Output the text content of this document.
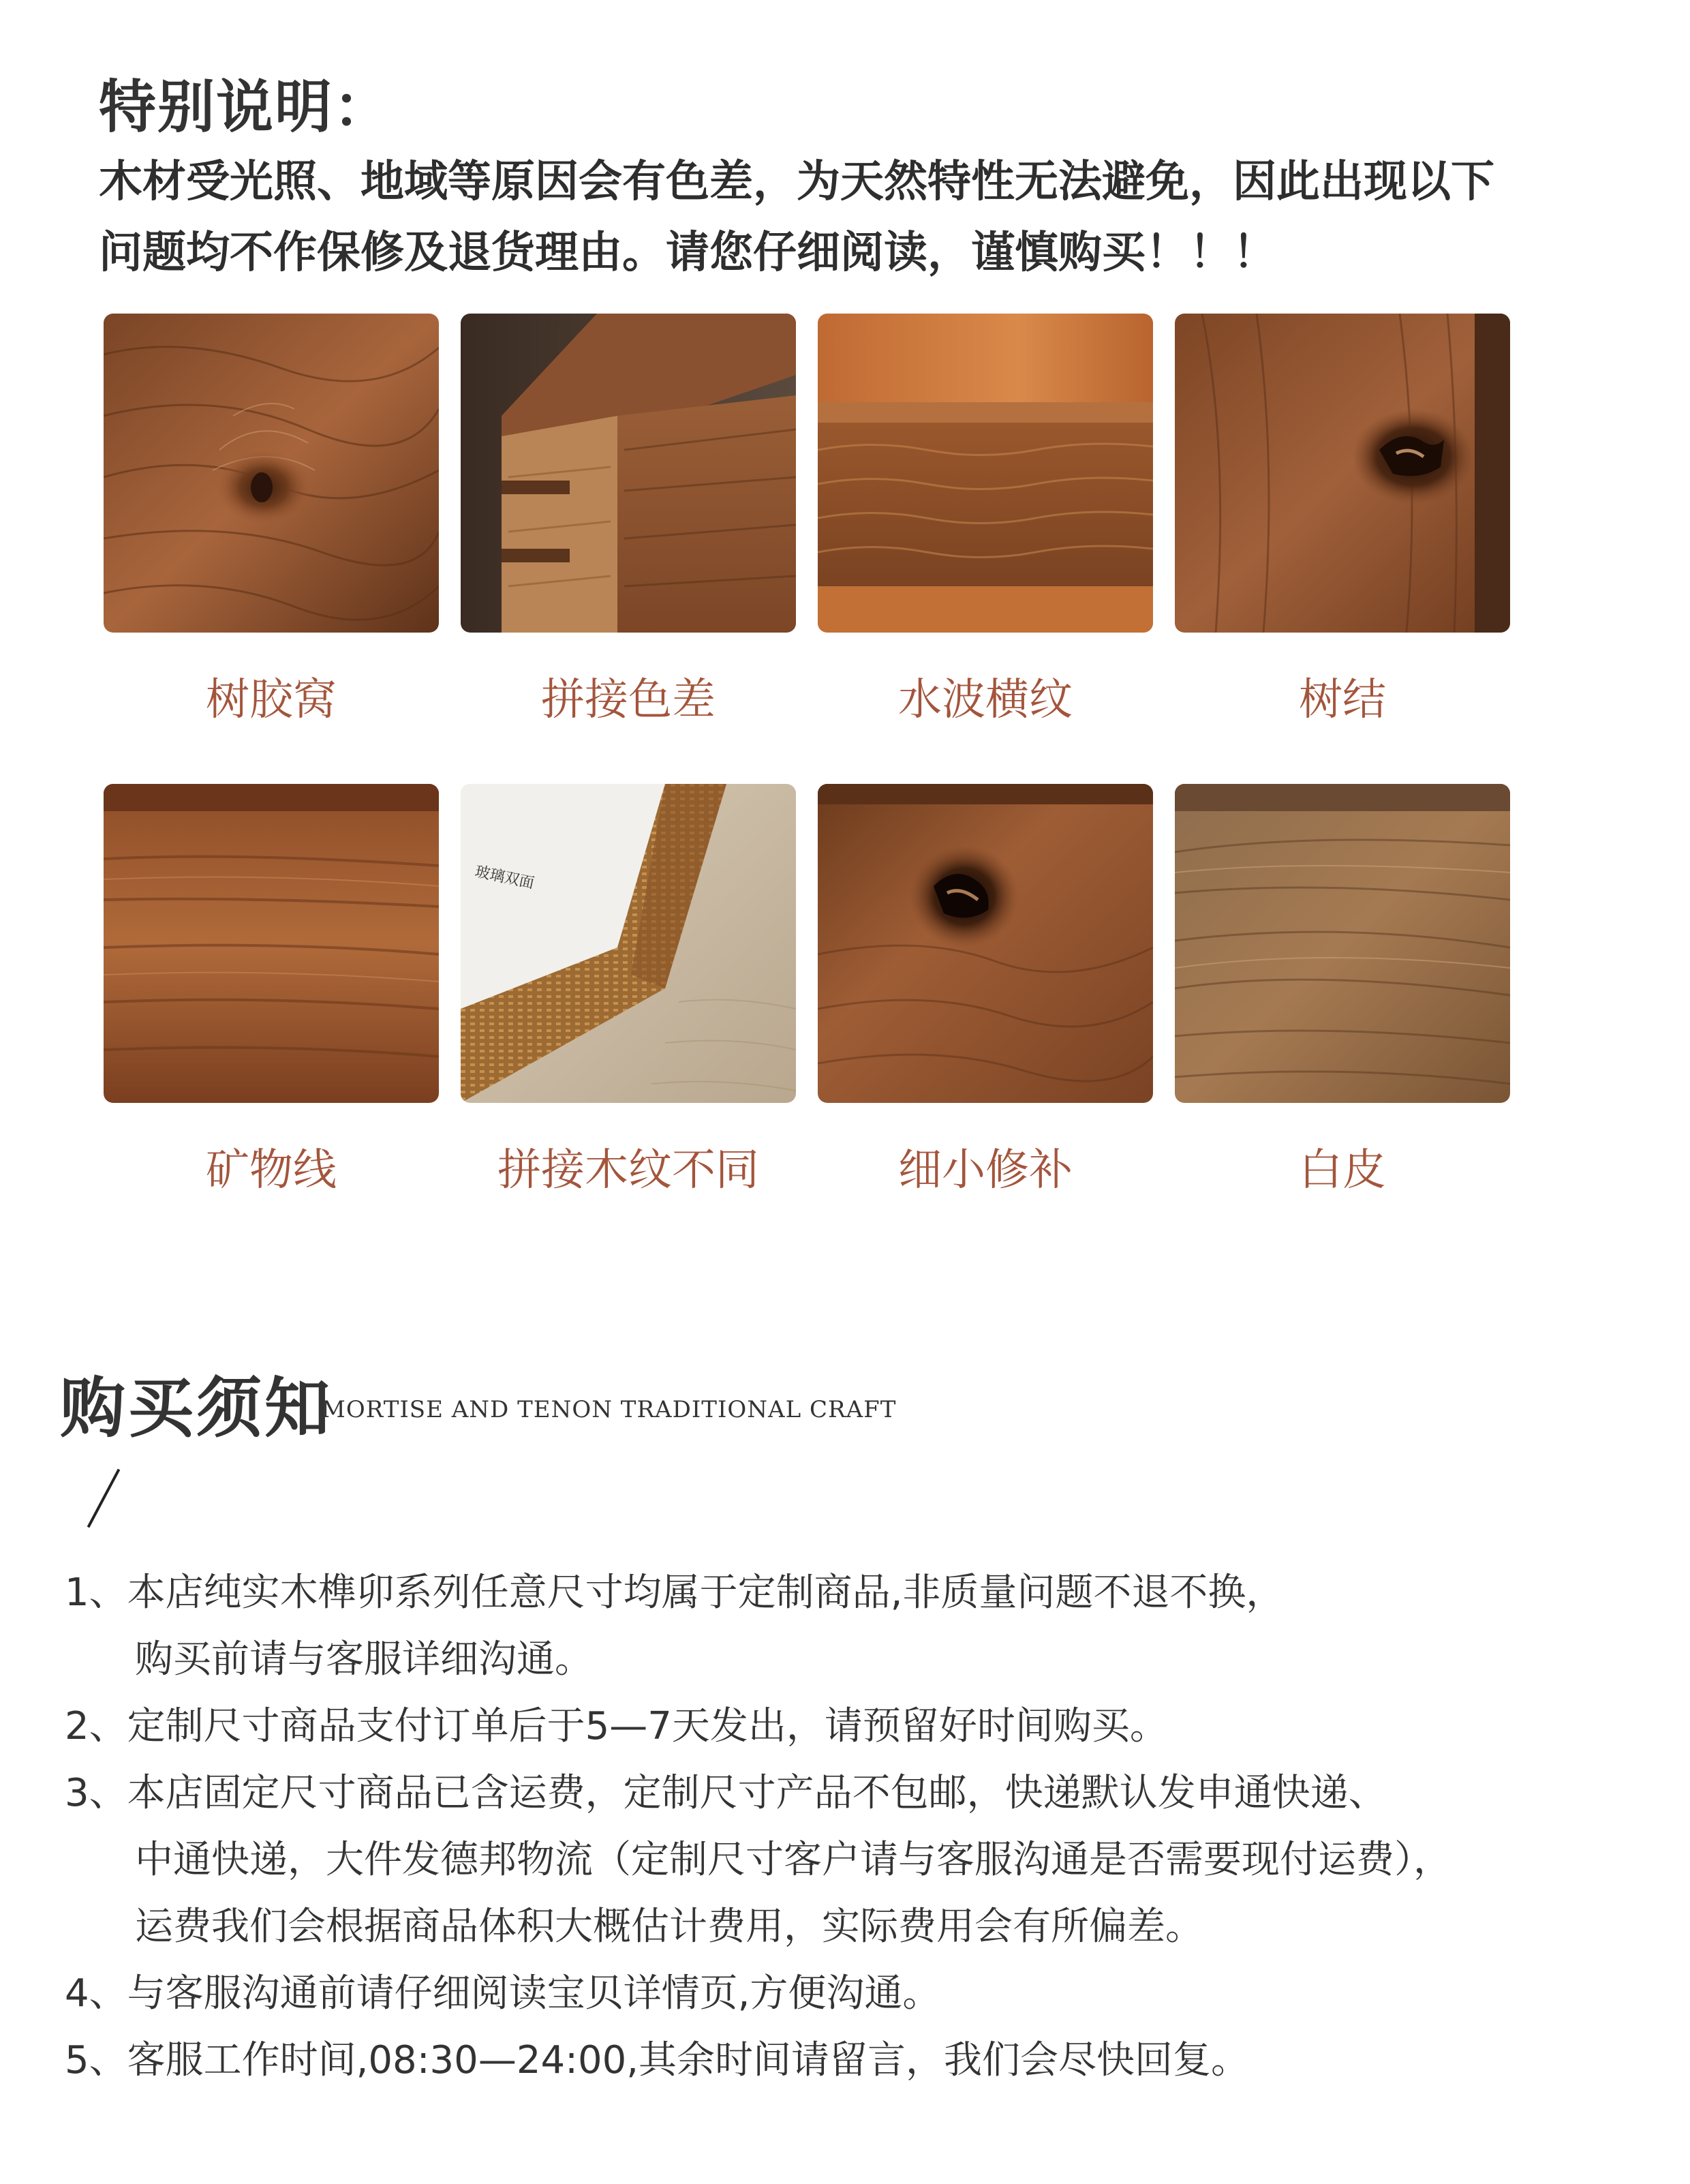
特别说明：
木材受光照、地域等原因会有色差，为天然特性无法避免，因此出现以下
问题均不作保修及退货理由。请您仔细阅读，谨慎购买！！！
树胶窝	拼接色差	水波横纹	树结
玻璃双面
矿物线	拼接木纹不同	细小修补	白皮
购买须知
MORTISE AND TENON TRADITIONAL CRAFT
1、本店纯实木榫卯系列任意尺寸均属于定制商品,非质量问题不退不换，
购买前请与客服详细沟通。
2、定制尺寸商品支付订单后于5—7天发出，请预留好时间购买。
3、本店固定尺寸商品已含运费，定制尺寸产品不包邮，快递默认发申通快递、
中通快递，大件发德邦物流（定制尺寸客户请与客服沟通是否需要现付运费），
运费我们会根据商品体积大概估计费用，实际费用会有所偏差。
4、与客服沟通前请仔细阅读宝贝详情页,方便沟通。
5、客服工作时间,08:30—24:00,其余时间请留言，我们会尽快回复。
